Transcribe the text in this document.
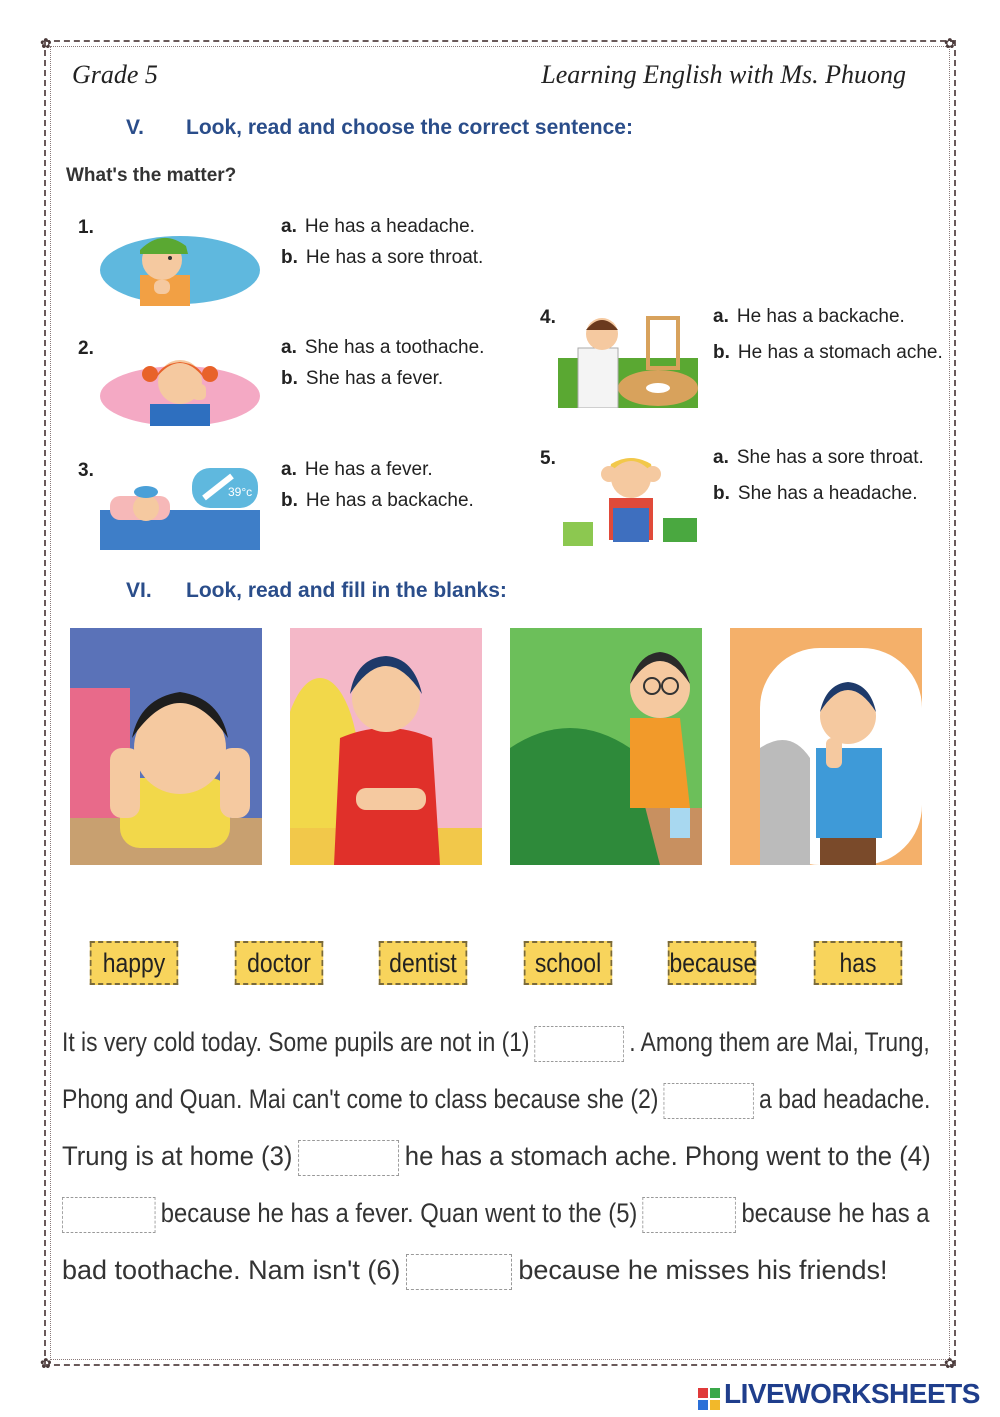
✿	✿
✿	✿
Grade 5	Learning English with Ms. Phuong
V. Look, read and choose the correct sentence:
What's the matter?
1.	a. He has a headache.
b. He has a sore throat.
2.	a. She has a toothache.
b. She has a fever.
3.
39°c
a. He has a fever.
b. He has a backache.
4.	a. He has a backache.
b. He has a stomach ache.
5.	a. She has a sore throat.
b. She has a headache.
VI. Look, read and fill in the blanks:
happy	doctor	dentist	school	because	has
It is very cold today. Some pupils are not in (1)	. Among them are Mai, Trung,
Phong and Quan. Mai can't come to class because she (2)	a bad headache.
Trung is at home (3)	he has a stomach ache. Phong went to the (4)
because he has a fever. Quan went to the (5)	because he has a
bad toothache. Nam isn't (6)	because he misses his friends!
LIVEWORKSHEETS
